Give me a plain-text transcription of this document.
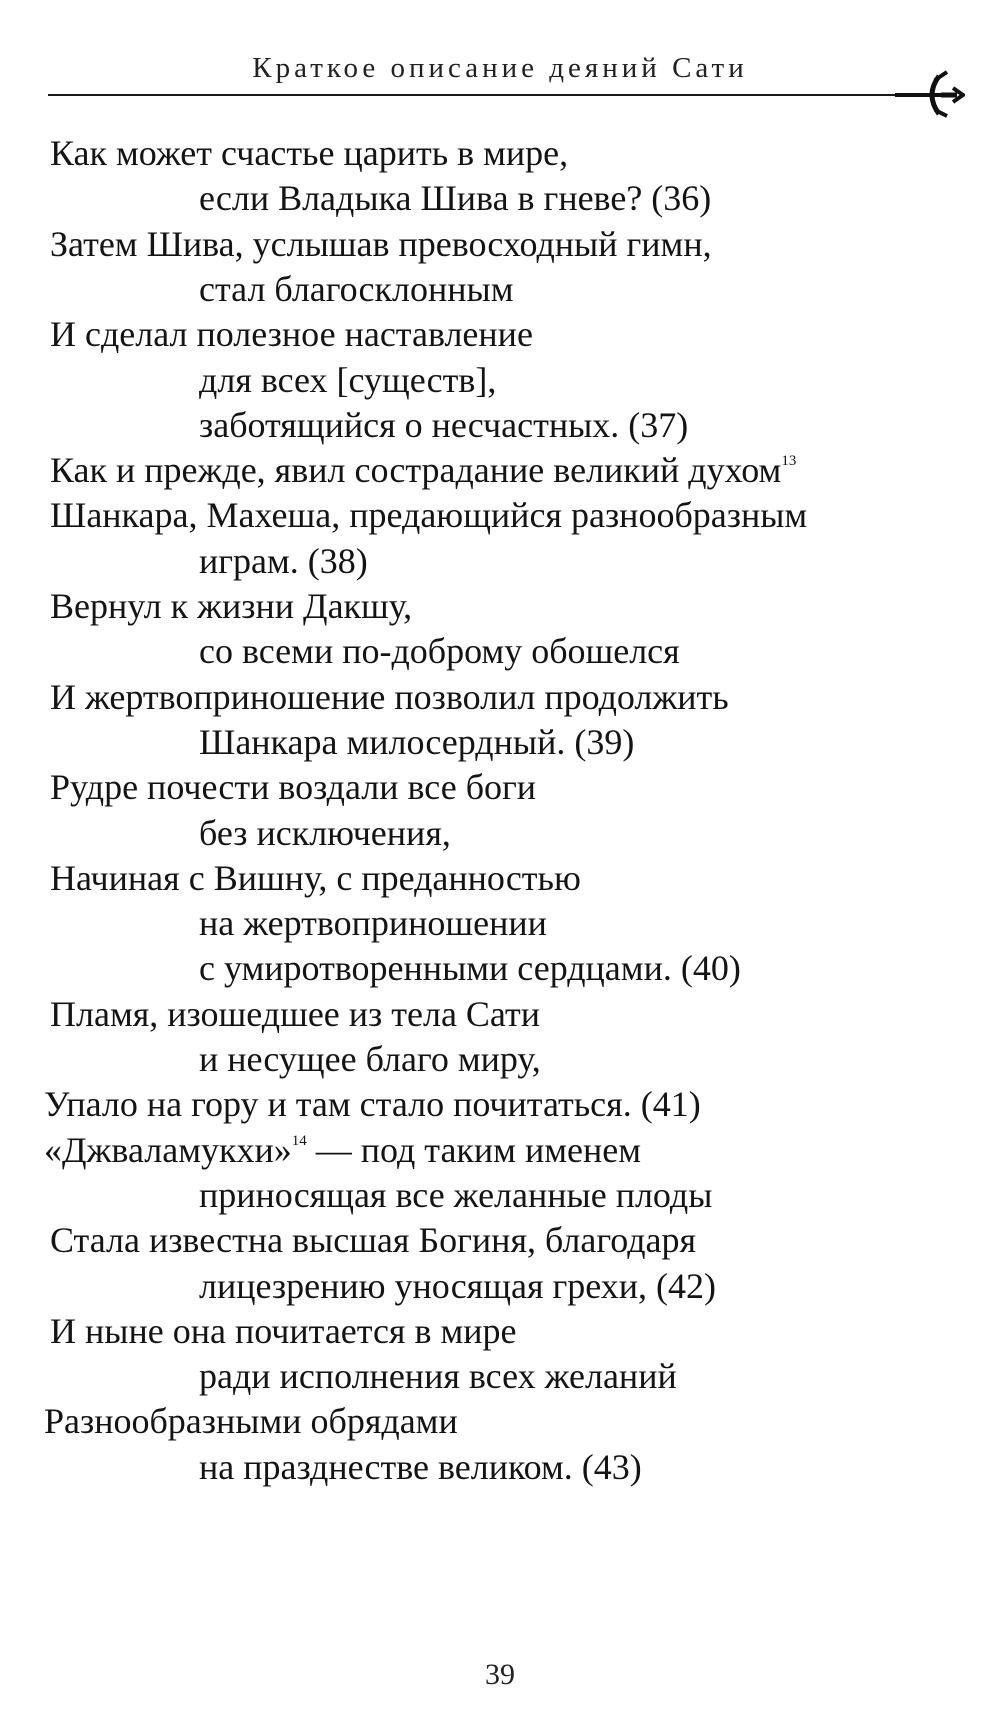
Краткое описание деяний Сати
Как может счастье царить в мире,
если Владыка Шива в гневе? (36)
Затем Шива, услышав превосходный гимн,
стал благосклонным
И сделал полезное наставление
для всех [существ],
заботящийся о несчастных. (37)
Как и прежде, явил сострадание великий духом$^{13}$
Шанкара, Махеша, предающийся разнообразным
играм. (38)
Вернул к жизни Дакшу,
со всеми по-доброму обошелся
И жертвоприношение позволил продолжить
Шанкара милосердный. (39)
Рудре почести воздали все боги
без исключения,
Начиная с Вишну, с преданностью
на жертвоприношении
с умиротворенными сердцами. (40)
Пламя, изошедшее из тела Сати
и несущее благо миру,
Упало на гору и там стало почитаться. (41)
«Джваламукхи»$^{14}$ — под таким именем
приносящая все желанные плоды
Стала известна высшая Богиня, благодаря
лицезрению уносящая грехи, (42)
И ныне она почитается в мире
ради исполнения всех желаний
Разнообразными обрядами
на празднестве великом. (43)
39
